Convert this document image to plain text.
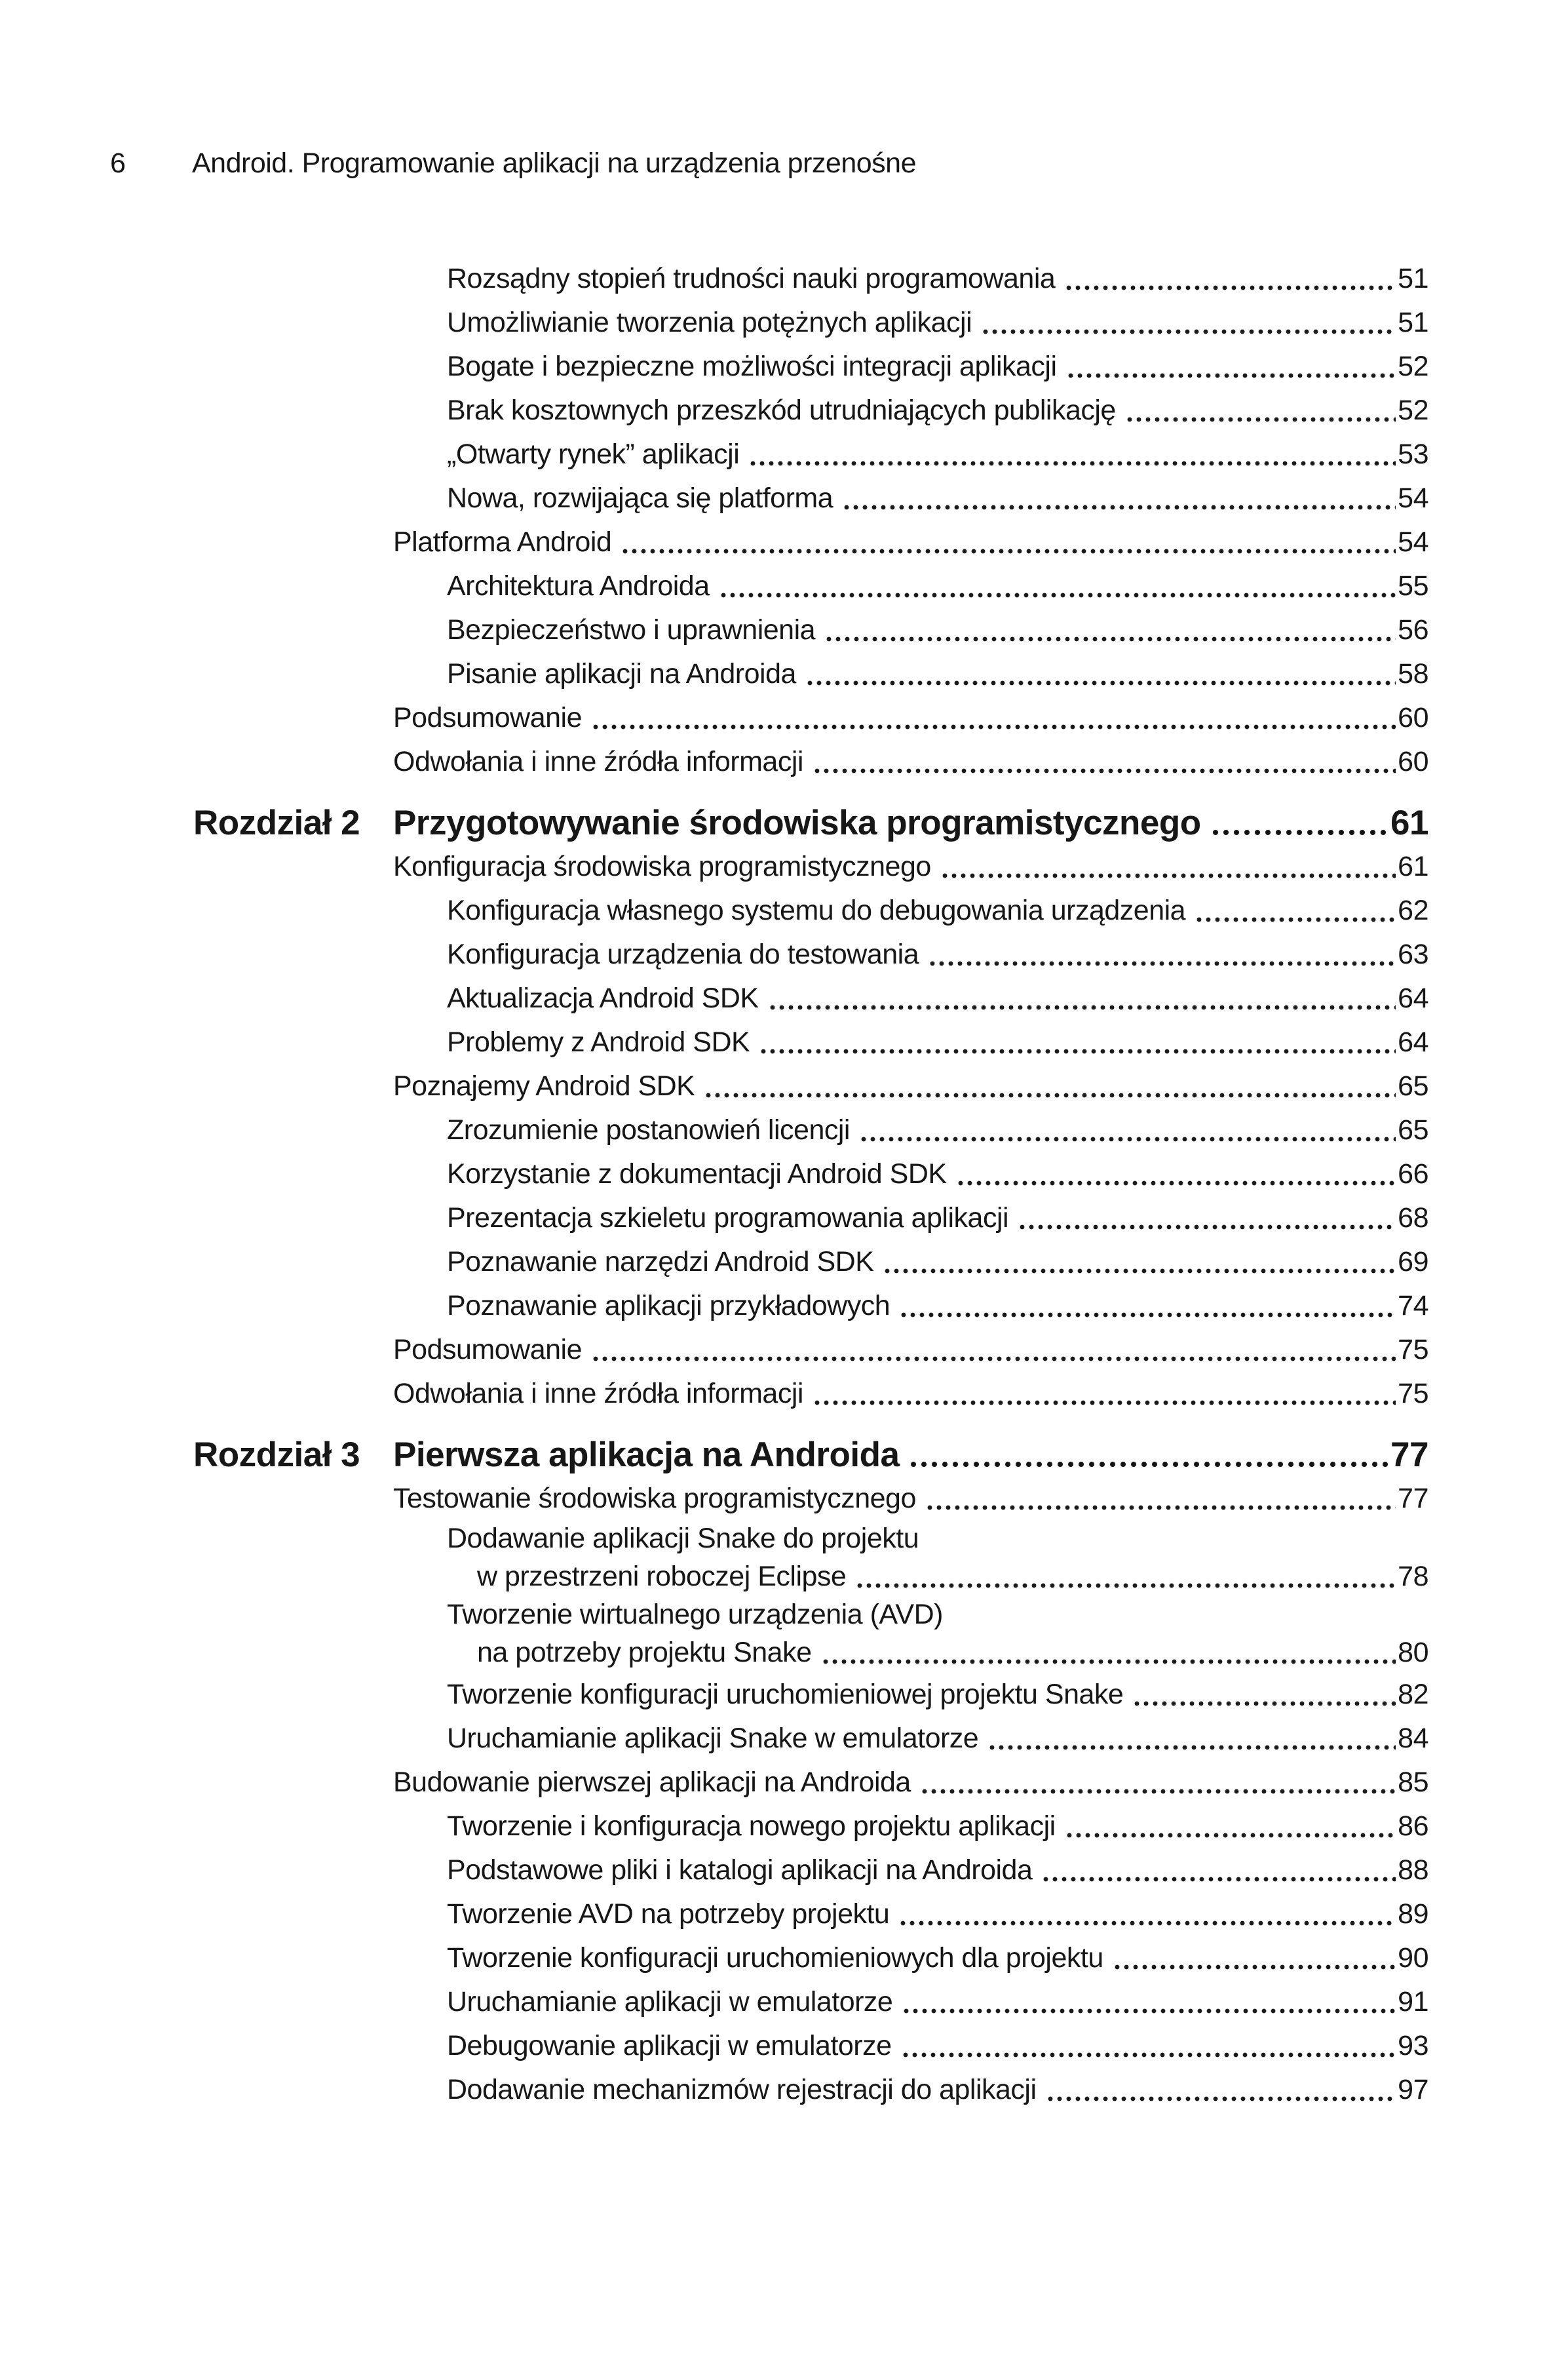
6 Android. Programowanie aplikacji na urządzenia przenośne
Rozsądny stopień trudności nauki programowania	51
Umożliwianie tworzenia potężnych aplikacji	51
Bogate i bezpieczne możliwości integracji aplikacji	52
Brak kosztownych przeszkód utrudniających publikację	52
„Otwarty rynek” aplikacji	53
Nowa, rozwijająca się platforma	54
Platforma Android	54
Architektura Androida	55
Bezpieczeństwo i uprawnienia	56
Pisanie aplikacji na Androida	58
Podsumowanie	60
Odwołania i inne źródła informacji	60
Rozdział 2 Przygotowywanie środowiska programistycznego	61
Konfiguracja środowiska programistycznego	61
Konfiguracja własnego systemu do debugowania urządzenia	62
Konfiguracja urządzenia do testowania	63
Aktualizacja Android SDK	64
Problemy z Android SDK	64
Poznajemy Android SDK	65
Zrozumienie postanowień licencji	65
Korzystanie z dokumentacji Android SDK	66
Prezentacja szkieletu programowania aplikacji	68
Poznawanie narzędzi Android SDK	69
Poznawanie aplikacji przykładowych	74
Podsumowanie	75
Odwołania i inne źródła informacji	75
Rozdział 3 Pierwsza aplikacja na Androida	77
Testowanie środowiska programistycznego	77
Dodawanie aplikacji Snake do projektu
w przestrzeni roboczej Eclipse	78
Tworzenie wirtualnego urządzenia (AVD)
na potrzeby projektu Snake	80
Tworzenie konfiguracji uruchomieniowej projektu Snake	82
Uruchamianie aplikacji Snake w emulatorze	84
Budowanie pierwszej aplikacji na Androida	85
Tworzenie i konfiguracja nowego projektu aplikacji	86
Podstawowe pliki i katalogi aplikacji na Androida	88
Tworzenie AVD na potrzeby projektu	89
Tworzenie konfiguracji uruchomieniowych dla projektu	90
Uruchamianie aplikacji w emulatorze	91
Debugowanie aplikacji w emulatorze	93
Dodawanie mechanizmów rejestracji do aplikacji	97
